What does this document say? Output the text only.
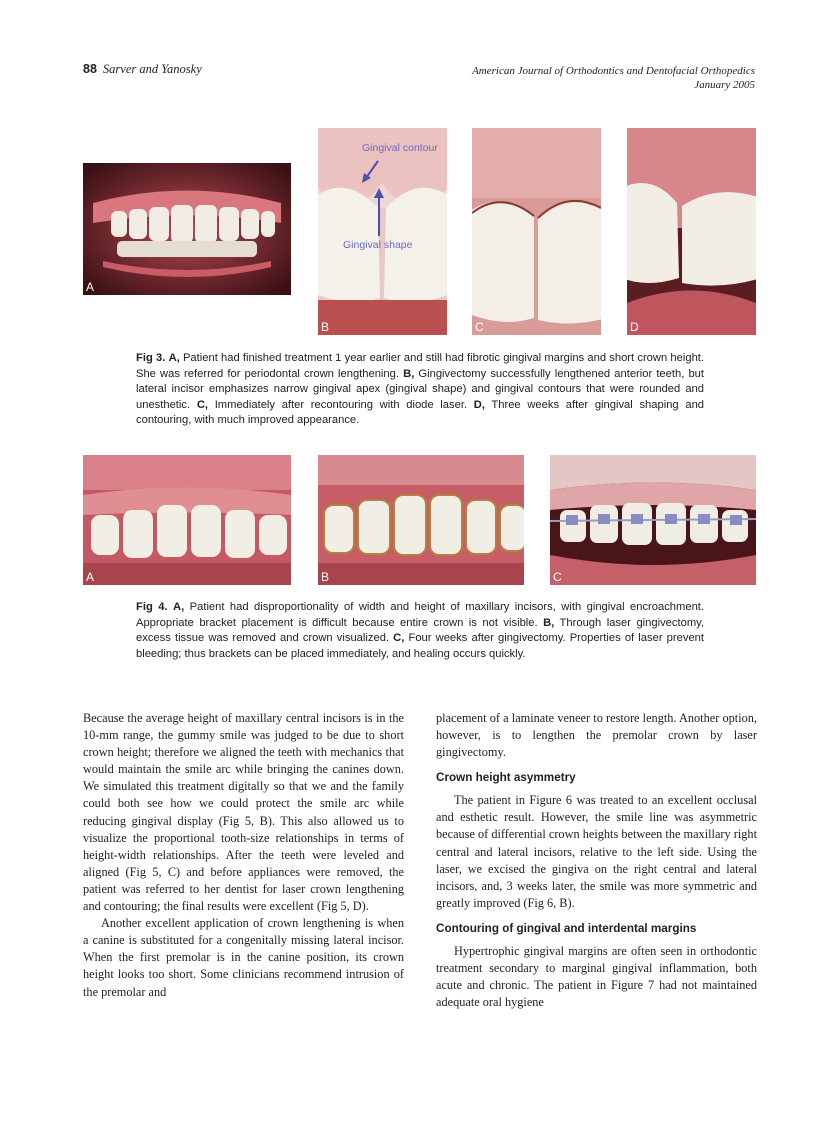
88 Sarver and Yanosky	American Journal of Orthodontics and Dentofacial Orthopedics
January 2005
A
Gingival contour
Gingival shape
B	C	D
Fig 3. A, Patient had finished treatment 1 year earlier and still had fibrotic gingival margins and short crown height. She was referred for periodontal crown lengthening. B, Gingivectomy successfully lengthened anterior teeth, but lateral incisor emphasizes narrow gingival apex (gingival shape) and gingival contours that were rounded and unesthetic. C, Immediately after recontouring with diode laser. D, Three weeks after gingival shaping and contouring, with much improved appearance.
A	B	C
Fig 4. A, Patient had disproportionality of width and height of maxillary incisors, with gingival encroachment. Appropriate bracket placement is difficult because entire crown is not visible. B, Through laser gingivectomy, excess tissue was removed and crown visualized. C, Four weeks after gingivectomy. Properties of laser prevent bleeding; thus brackets can be placed immediately, and healing occurs quickly.

Because the average height of maxillary central incisors is in the 10-mm range, the gummy smile was judged to be due to short crown height; therefore we aligned the teeth with mechanics that would maintain the smile arc while bringing the canines down. We simulated this treatment digitally so that we and the family could both see how we could protect the smile arc while reducing gingival display (Fig 5, B). This also allowed us to visualize the proportional tooth-size relationships in terms of height-width relationships. After the teeth were leveled and aligned (Fig 5, C) and before appliances were removed, the patient was referred to her dentist for laser crown lengthening and contouring; the final results were excellent (Fig 5, D).

Another excellent application of crown lengthening is when a canine is substituted for a congenitally missing lateral incisor. When the first premolar is in the canine position, its crown height looks too short. Some clinicians recommend intrusion of the premolar and

placement of a laminate veneer to restore length. Another option, however, is to lengthen the premolar crown by laser gingivectomy.

Crown height asymmetry

The patient in Figure 6 was treated to an excellent occlusal and esthetic result. However, the smile line was asymmetric because of differential crown heights between the maxillary right central and lateral incisors, relative to the left side. Using the laser, we excised the gingiva on the right central and lateral incisors, and, 3 weeks later, the smile was more symmetric and greatly improved (Fig 6, B).

Contouring of gingival and interdental margins

Hypertrophic gingival margins are often seen in orthodontic treatment secondary to marginal gingival inflammation, both acute and chronic. The patient in Figure 7 had not maintained adequate oral hygiene
